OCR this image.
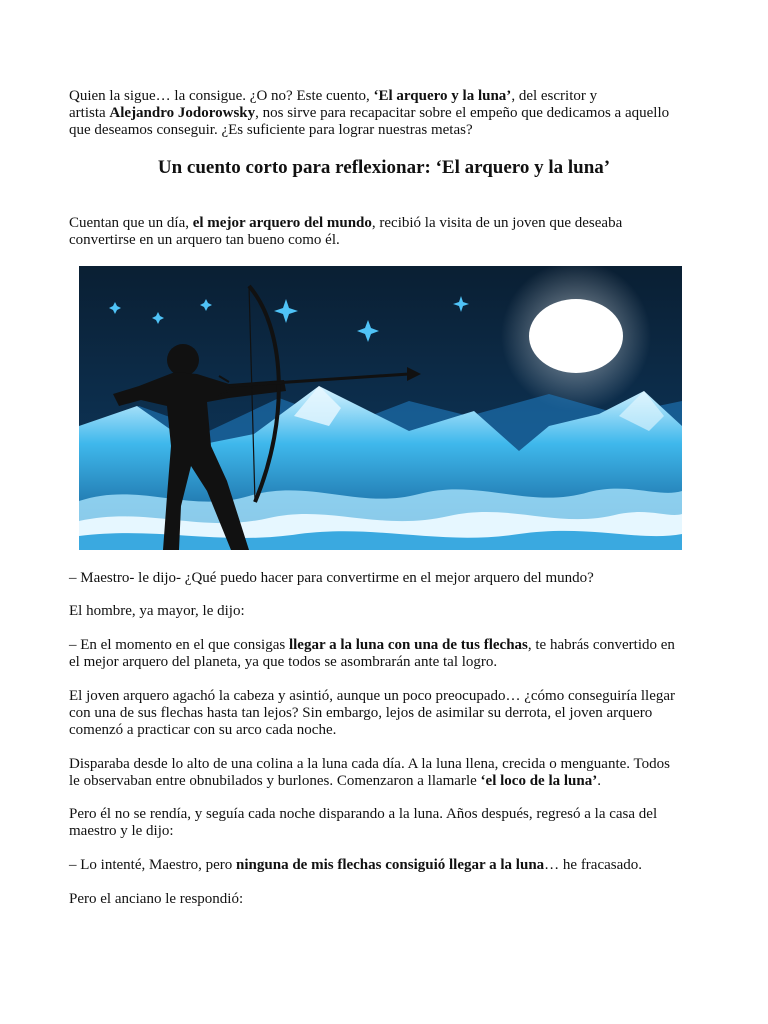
Quien la sigue… la consigue. ¿O no? Este cuento, ‘El arquero y la luna’, del escritor y
artista Alejandro Jodorowsky, nos sirve para recapacitar sobre el empeño que dedicamos a aquello
que deseamos conseguir. ¿Es suficiente para lograr nuestras metas?

Un cuento corto para reflexionar: ‘El arquero y la luna’

Cuentan que un día, el mejor arquero del mundo, recibió la visita de un joven que deseaba
convertirse en un arquero tan bueno como él.

– Maestro- le dijo- ¿Qué puedo hacer para convertirme en el mejor arquero del mundo?

El hombre, ya mayor, le dijo:

– En el momento en el que consigas llegar a la luna con una de tus flechas, te habrás convertido en
el mejor arquero del planeta, ya que todos se asombrarán ante tal logro.

El joven arquero agachó la cabeza y asintió, aunque un poco preocupado… ¿cómo conseguiría llegar
con una de sus flechas hasta tan lejos? Sin embargo, lejos de asimilar su derrota, el joven arquero
comenzó a practicar con su arco cada noche.

Disparaba desde lo alto de una colina a la luna cada día. A la luna llena, crecida o menguante. Todos
le observaban entre obnubilados y burlones. Comenzaron a llamarle ‘el loco de la luna’.

Pero él no se rendía, y seguía cada noche disparando a la luna. Años después, regresó a la casa del
maestro y le dijo:

– Lo intenté, Maestro, pero ninguna de mis flechas consiguió llegar a la luna… he fracasado.

Pero el anciano le respondió:
